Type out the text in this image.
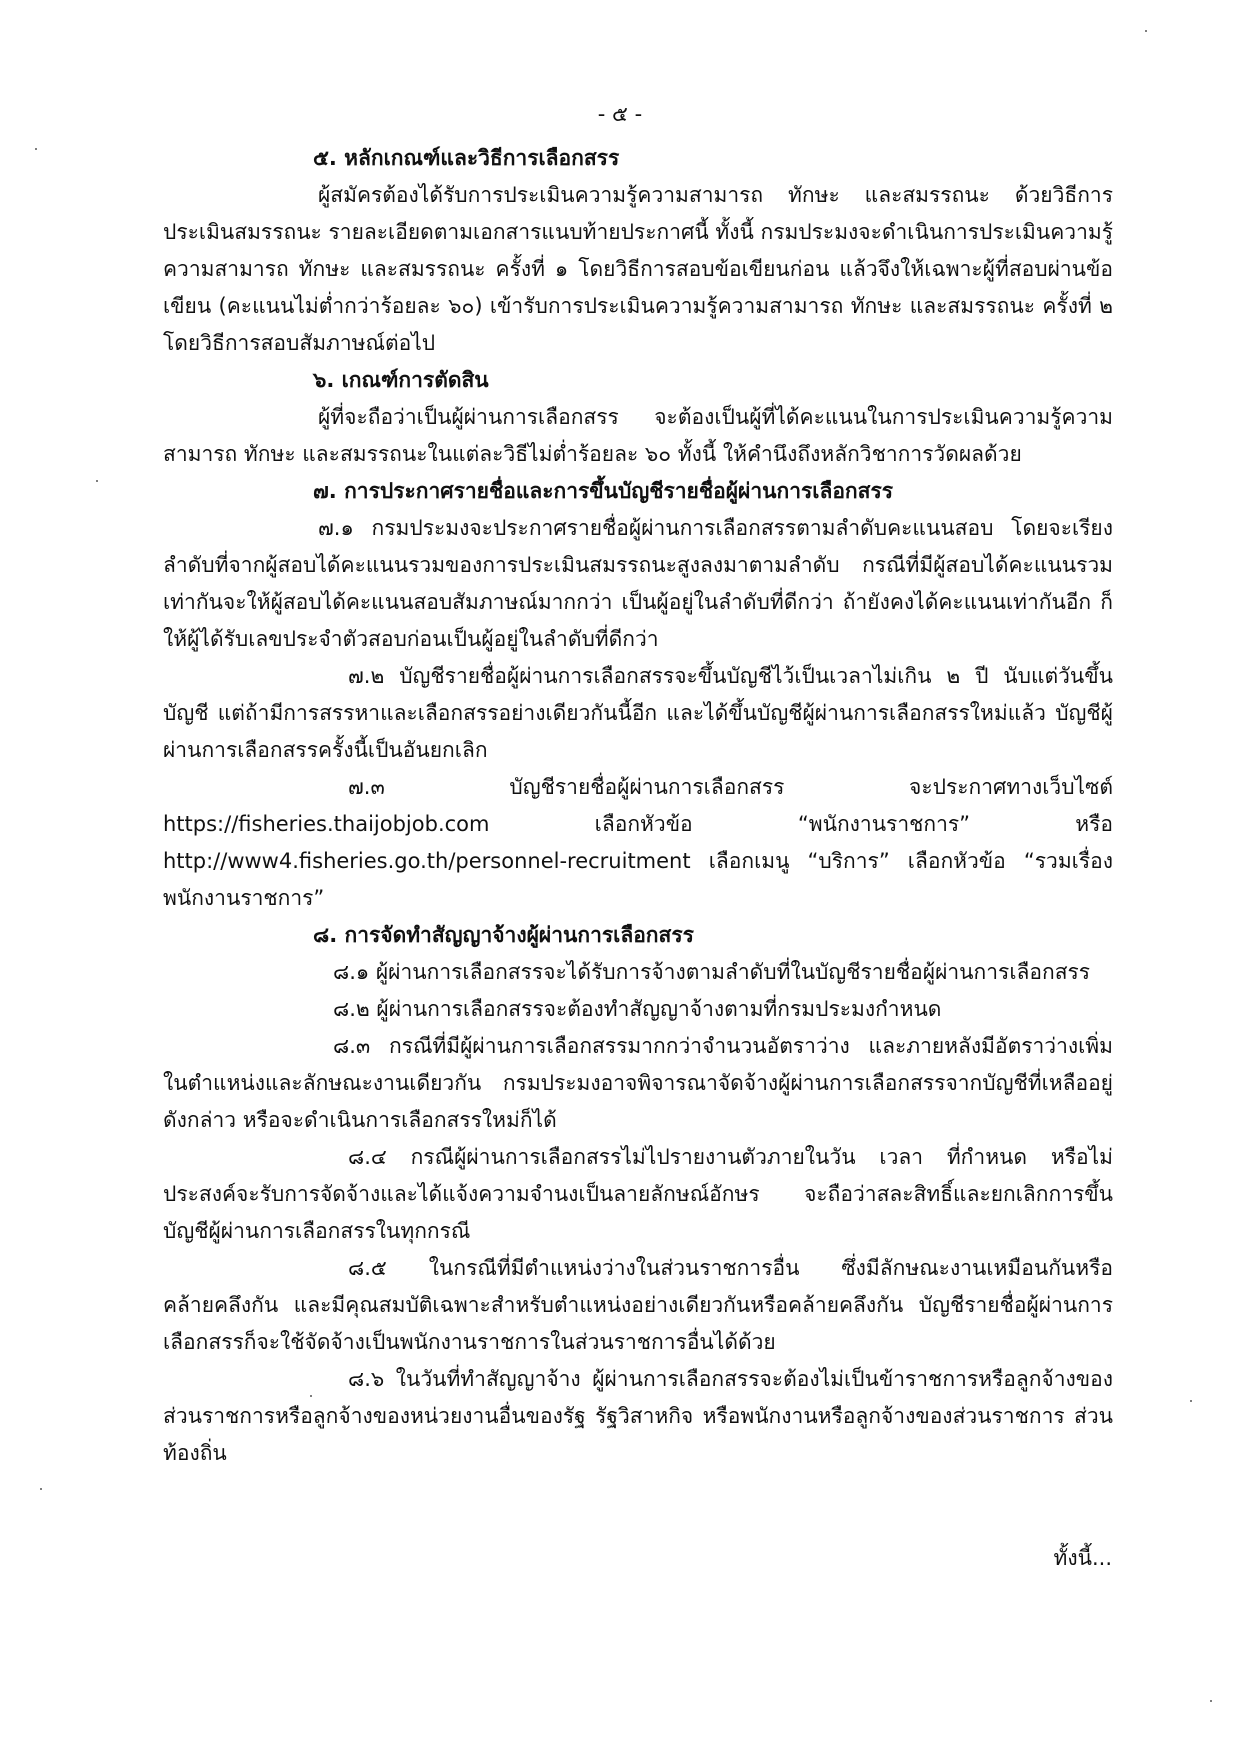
- ๕ -

๕. หลักเกณฑ์และวิธีการเลือกสรร

ผู้สมัครต้องได้รับการประเมินความรู้ความสามารถ ทักษะ และสมรรถนะ ด้วยวิธีการประเมินสมรรถนะ รายละเอียดตามเอกสารแนบท้ายประกาศนี้ ทั้งนี้ กรมประมงจะดำเนินการประเมินความรู้ความสามารถ ทักษะ และสมรรถนะ ครั้งที่ ๑ โดยวิธีการสอบข้อเขียนก่อน แล้วจึงให้เฉพาะผู้ที่สอบผ่านข้อเขียน (คะแนนไม่ต่ำกว่าร้อยละ ๖๐) เข้ารับการประเมินความรู้ความสามารถ ทักษะ และสมรรถนะ ครั้งที่ ๒ โดยวิธีการสอบสัมภาษณ์ต่อไป

๖. เกณฑ์การตัดสิน

ผู้ที่จะถือว่าเป็นผู้ผ่านการเลือกสรร จะต้องเป็นผู้ที่ได้คะแนนในการประเมินความรู้ความสามารถ ทักษะ และสมรรถนะในแต่ละวิธีไม่ต่ำร้อยละ ๖๐ ทั้งนี้ ให้คำนึงถึงหลักวิชาการวัดผลด้วย

๗. การประกาศรายชื่อและการขึ้นบัญชีรายชื่อผู้ผ่านการเลือกสรร

๗.๑ กรมประมงจะประกาศรายชื่อผู้ผ่านการเลือกสรรตามลำดับคะแนนสอบ โดยจะเรียงลำดับที่จากผู้สอบได้คะแนนรวมของการประเมินสมรรถนะสูงลงมาตามลำดับ กรณีที่มีผู้สอบได้คะแนนรวมเท่ากันจะให้ผู้สอบได้คะแนนสอบสัมภาษณ์มากกว่า เป็นผู้อยู่ในลำดับที่ดีกว่า ถ้ายังคงได้คะแนนเท่ากันอีก ก็ให้ผู้ได้รับเลขประจำตัวสอบก่อนเป็นผู้อยู่ในลำดับที่ดีกว่า

๗.๒ บัญชีรายชื่อผู้ผ่านการเลือกสรรจะขึ้นบัญชีไว้เป็นเวลาไม่เกิน ๒ ปี นับแต่วันขึ้นบัญชี แต่ถ้ามีการสรรหาและเลือกสรรอย่างเดียวกันนี้อีก และได้ขึ้นบัญชีผู้ผ่านการเลือกสรรใหม่แล้ว บัญชีผู้ผ่านการเลือกสรรครั้งนี้เป็นอันยกเลิก

๗.๓ บัญชีรายชื่อผู้ผ่านการเลือกสรร จะประกาศทางเว็บไซต์ https://fisheries.thaijobjob.com เลือกหัวข้อ “พนักงานราชการ” หรือ http://www4.fisheries.go.th/personnel-recruitment เลือกเมนู “บริการ” เลือกหัวข้อ “รวมเรื่องพนักงานราชการ”

๘. การจัดทำสัญญาจ้างผู้ผ่านการเลือกสรร

๘.๑ ผู้ผ่านการเลือกสรรจะได้รับการจ้างตามลำดับที่ในบัญชีรายชื่อผู้ผ่านการเลือกสรร

๘.๒ ผู้ผ่านการเลือกสรรจะต้องทำสัญญาจ้างตามที่กรมประมงกำหนด

๘.๓ กรณีที่มีผู้ผ่านการเลือกสรรมากกว่าจำนวนอัตราว่าง และภายหลังมีอัตราว่างเพิ่มในตำแหน่งและลักษณะงานเดียวกัน กรมประมงอาจพิจารณาจัดจ้างผู้ผ่านการเลือกสรรจากบัญชีที่เหลืออยู่ดังกล่าว หรือจะดำเนินการเลือกสรรใหม่ก็ได้

๘.๔ กรณีผู้ผ่านการเลือกสรรไม่ไปรายงานตัวภายในวัน เวลา ที่กำหนด หรือไม่ประสงค์จะรับการจัดจ้างและได้แจ้งความจำนงเป็นลายลักษณ์อักษร จะถือว่าสละสิทธิ์และยกเลิกการขึ้นบัญชีผู้ผ่านการเลือกสรรในทุกกรณี

๘.๕ ในกรณีที่มีตำแหน่งว่างในส่วนราชการอื่น ซึ่งมีลักษณะงานเหมือนกันหรือคล้ายคลึงกัน และมีคุณสมบัติเฉพาะสำหรับตำแหน่งอย่างเดียวกันหรือคล้ายคลึงกัน บัญชีรายชื่อผู้ผ่านการเลือกสรรก็จะใช้จัดจ้างเป็นพนักงานราชการในส่วนราชการอื่นได้ด้วย

๘.๖ ในวันที่ทำสัญญาจ้าง ผู้ผ่านการเลือกสรรจะต้องไม่เป็นข้าราชการหรือลูกจ้างของส่วนราชการหรือลูกจ้างของหน่วยงานอื่นของรัฐ รัฐวิสาหกิจ หรือพนักงานหรือลูกจ้างของส่วนราชการ ส่วนท้องถิ่น

ทั้งนี้...
